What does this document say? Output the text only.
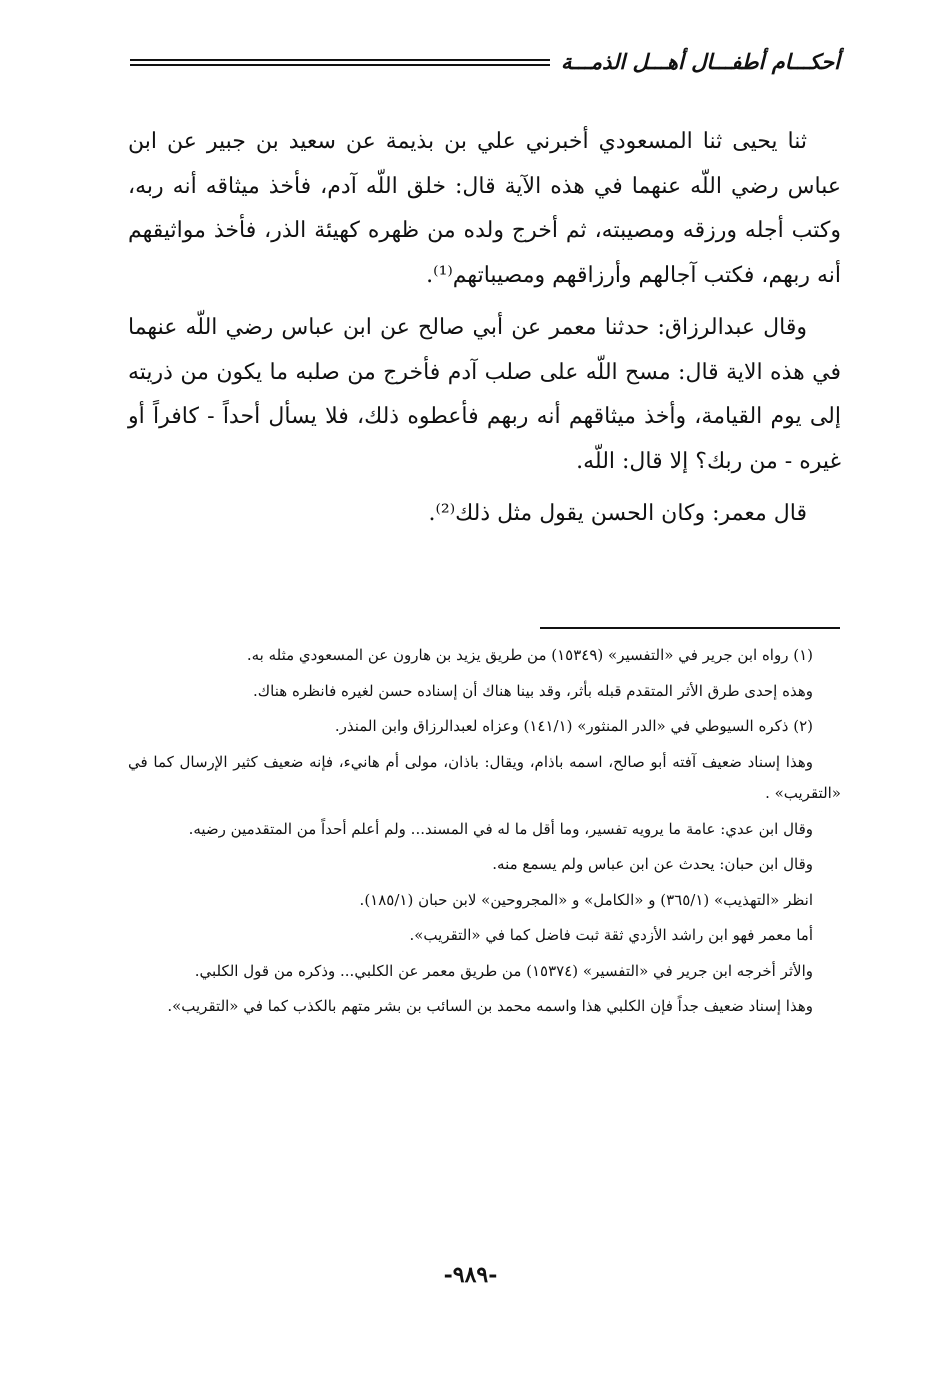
أحكـــام أطفـــال أهـــل الذمـــة

ثنا يحيى ثنا المسعودي أخبرني علي بن بذيمة عن سعيد بن جبير عن ابن عباس رضي اللّه عنهما في هذه الآية قال: خلق اللّه آدم، فأخذ ميثاقه أنه ربه، وكتب أجله ورزقه ومصيبته، ثم أخرج ولده من ظهره كهيئة الذر، فأخذ مواثيقهم أنه ربهم، فكتب آجالهم وأرزاقهم ومصيباتهم⁽¹⁾.

وقال عبدالرزاق: حدثنا معمر عن أبي صالح عن ابن عباس رضي اللّه عنهما في هذه الاية قال: مسح اللّه على صلب آدم فأخرج من صلبه ما يكون من ذريته إلى يوم القيامة، وأخذ ميثاقهم أنه ربهم فأعطوه ذلك، فلا يسأل أحداً - كافراً أو غيره - من ربك؟ إلا قال: اللّه.

قال معمر: وكان الحسن يقول مثل ذلك⁽²⁾.

(١) رواه ابن جرير في «التفسير» (١٥٣٤٩) من طريق يزيد بن هارون عن المسعودي مثله به.

وهذه إحدى طرق الأثر المتقدم قبله بأثر، وقد بينا هناك أن إسناده حسن لغيره فانظره هناك.

(٢) ذكره السيوطي في «الدر المنثور» (١٤١/١) وعزاه لعبدالرزاق وابن المنذر.

وهذا إسناد ضعيف آفته أبو صالح، اسمه باذام، ويقال: باذان، مولى أم هانيء، فإنه ضعيف كثير الإرسال كما في «التقريب» .

وقال ابن عدي: عامة ما يرويه تفسير، وما أقل ما له في المسند... ولم أعلم أحداً من المتقدمين رضيه.

وقال ابن حبان: يحدث عن ابن عباس ولم يسمع منه.

انظر «التهذيب» (٣٦٥/١) و «الكامل» و «المجروحين» لابن حبان (١٨٥/١).

أما معمر فهو ابن راشد الأزدي ثقة ثبت فاضل كما في «التقريب».

والأثر أخرجه ابن جرير في «التفسير» (١٥٣٧٤) من طريق معمر عن الكلبي... وذكره من قول الكلبي.

وهذا إسناد ضعيف جداً فإن الكلبي هذا واسمه محمد بن السائب بن بشر متهم بالكذب كما في «التقريب».

-٩٨٩-
